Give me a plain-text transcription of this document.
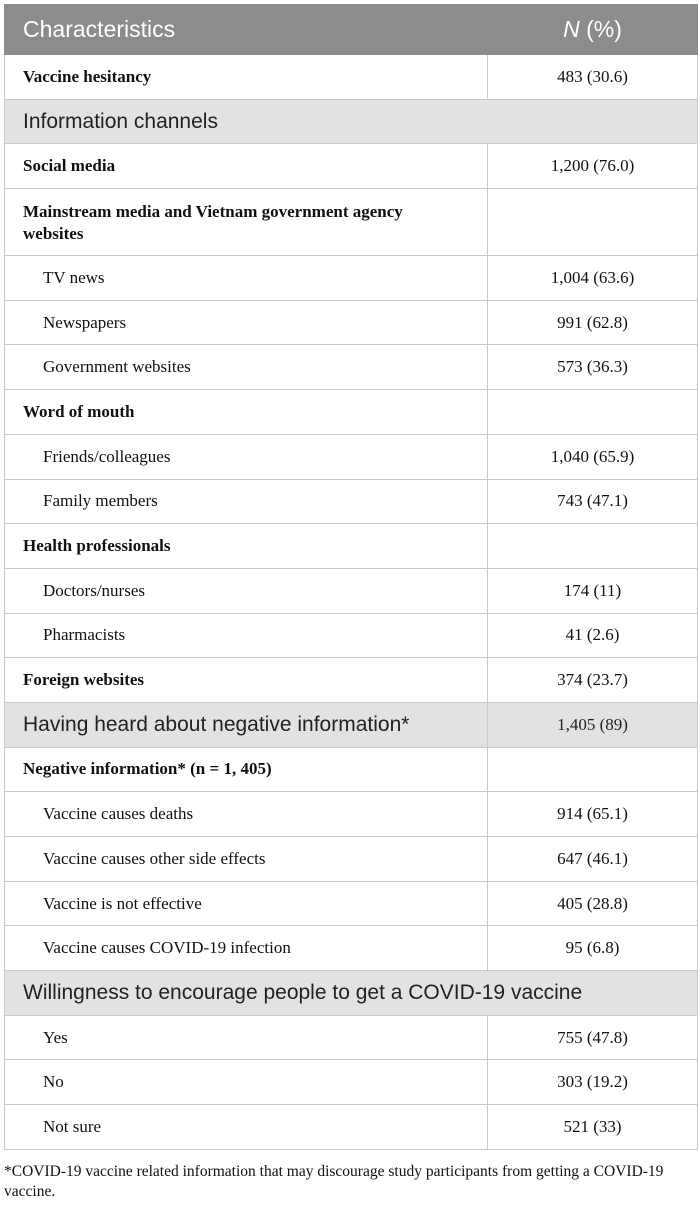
Characteristics	N (%)
Vaccine hesitancy	483 (30.6)
Information channels	
Social media	1,200 (76.0)
Mainstream media and Vietnam government agency websites	
TV news	1,004 (63.6)
Newspapers	991 (62.8)
Government websites	573 (36.3)
Word of mouth	
Friends/colleagues	1,040 (65.9)
Family members	743 (47.1)
Health professionals	
Doctors/nurses	174 (11)
Pharmacists	41 (2.6)
Foreign websites	374 (23.7)
Having heard about negative information*	1,405 (89)
Negative information* (n = 1, 405)	
Vaccine causes deaths	914 (65.1)
Vaccine causes other side effects	647 (46.1)
Vaccine is not effective	405 (28.8)
Vaccine causes COVID-19 infection	95 (6.8)
Willingness to encourage people to get a COVID-19 vaccine	
Yes	755 (47.8)
No	303 (19.2)
Not sure	521 (33)
*COVID-19 vaccine related information that may discourage study participants from getting a COVID-19 vaccine.
